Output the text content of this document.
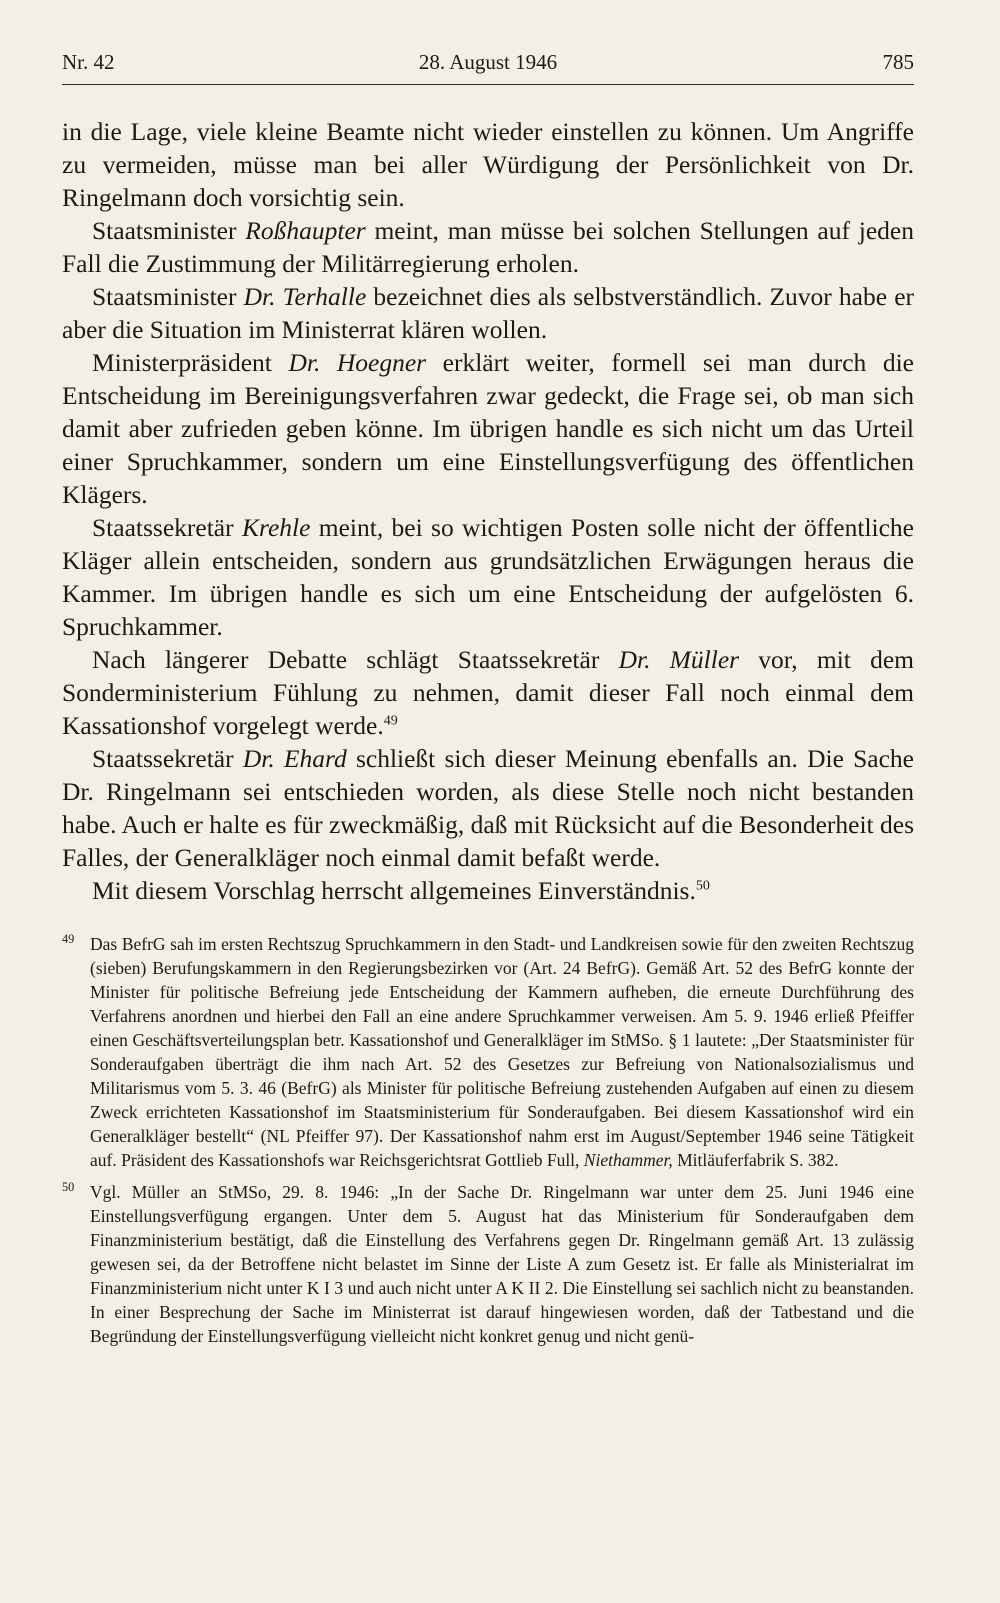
Nr. 42	28. August 1946	785

in die Lage, viele kleine Beamte nicht wieder einstellen zu können. Um Angriffe zu vermeiden, müsse man bei aller Würdigung der Persönlichkeit von Dr. Ringelmann doch vorsichtig sein.

Staatsminister Roßhaupter meint, man müsse bei solchen Stellungen auf jeden Fall die Zustimmung der Militärregierung erholen.

Staatsminister Dr. Terhalle bezeichnet dies als selbstverständlich. Zuvor habe er aber die Situation im Ministerrat klären wollen.

Ministerpräsident Dr. Hoegner erklärt weiter, formell sei man durch die Entscheidung im Bereinigungsverfahren zwar gedeckt, die Frage sei, ob man sich damit aber zufrieden geben könne. Im übrigen handle es sich nicht um das Urteil einer Spruchkammer, sondern um eine Einstellungsverfügung des öffentlichen Klägers.

Staatssekretär Krehle meint, bei so wichtigen Posten solle nicht der öffentliche Kläger allein entscheiden, sondern aus grundsätzlichen Erwägungen heraus die Kammer. Im übrigen handle es sich um eine Entscheidung der aufgelösten 6. Spruchkammer.

Nach längerer Debatte schlägt Staatssekretär Dr. Müller vor, mit dem Sonderministerium Fühlung zu nehmen, damit dieser Fall noch einmal dem Kassationshof vorgelegt werde.$^{49}$

Staatssekretär Dr. Ehard schließt sich dieser Meinung ebenfalls an. Die Sache Dr. Ringelmann sei entschieden worden, als diese Stelle noch nicht bestanden habe. Auch er halte es für zweckmäßig, daß mit Rücksicht auf die Besonderheit des Falles, der Generalkläger noch einmal damit befaßt werde.

Mit diesem Vorschlag herrscht allgemeines Einverständnis.$^{50}$

$^{49}$ Das BefrG sah im ersten Rechtszug Spruchkammern in den Stadt- und Landkreisen sowie für den zweiten Rechtszug (sieben) Berufungskammern in den Regierungsbezirken vor (Art. 24 BefrG). Gemäß Art. 52 des BefrG konnte der Minister für politische Befreiung jede Entscheidung der Kammern aufheben, die erneute Durchführung des Verfahrens anordnen und hierbei den Fall an eine andere Spruchkammer verweisen. Am 5. 9. 1946 erließ Pfeiffer einen Geschäftsverteilungsplan betr. Kassationshof und Generalkläger im StMSo. § 1 lautete: „Der Staatsminister für Sonderaufgaben überträgt die ihm nach Art. 52 des Gesetzes zur Befreiung von Nationalsozialismus und Militarismus vom 5. 3. 46 (BefrG) als Minister für politische Befreiung zustehenden Aufgaben auf einen zu diesem Zweck errichteten Kassationshof im Staatsministerium für Sonderaufgaben. Bei diesem Kassationshof wird ein Generalkläger bestellt“ (NL Pfeiffer 97). Der Kassationshof nahm erst im August/September 1946 seine Tätigkeit auf. Präsident des Kassationshofs war Reichsgerichtsrat Gottlieb Full, Niethammer, Mitläuferfabrik S. 382.
$^{50}$ Vgl. Müller an StMSo, 29. 8. 1946: „In der Sache Dr. Ringelmann war unter dem 25. Juni 1946 eine Einstellungsverfügung ergangen. Unter dem 5. August hat das Ministerium für Sonderaufgaben dem Finanzministerium bestätigt, daß die Einstellung des Verfahrens gegen Dr. Ringelmann gemäß Art. 13 zulässig gewesen sei, da der Betroffene nicht belastet im Sinne der Liste A zum Gesetz ist. Er falle als Ministerialrat im Finanzministerium nicht unter K I 3 und auch nicht unter A K II 2. Die Einstellung sei sachlich nicht zu beanstanden. In einer Besprechung der Sache im Ministerrat ist darauf hingewiesen worden, daß der Tatbestand und die Begründung der Einstellungsverfügung vielleicht nicht konkret genug und nicht genü-
